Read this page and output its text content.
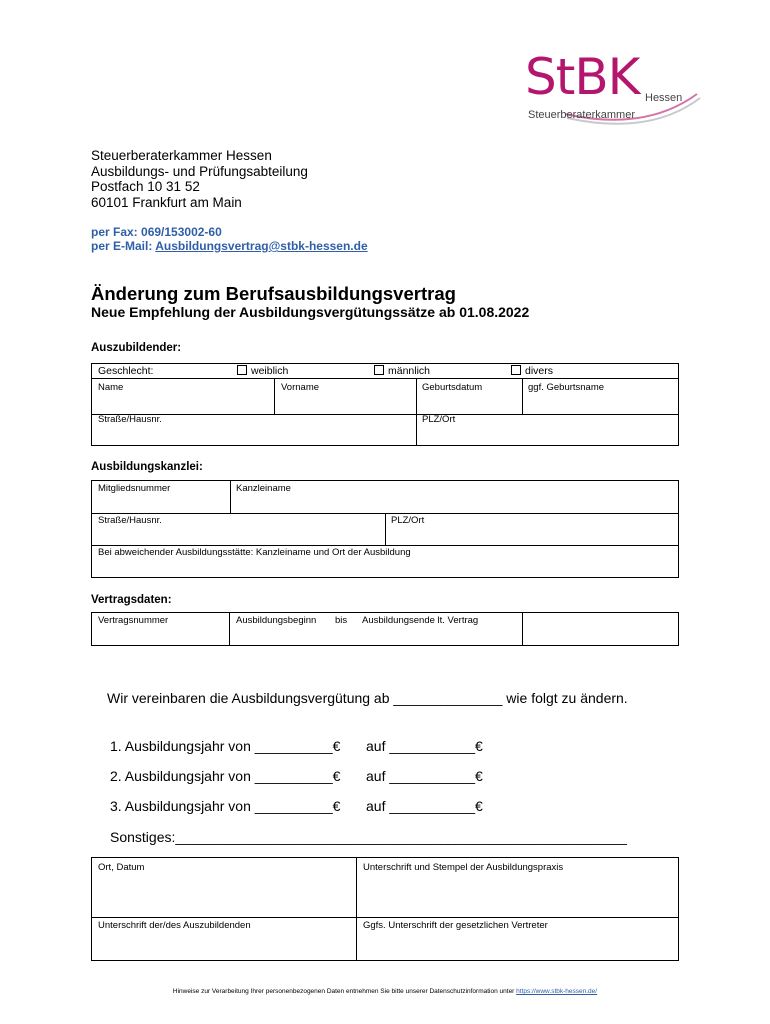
StBK Hessen
Steuerberaterkammer
Steuerberaterkammer Hessen
Ausbildungs- und Prüfungsabteilung
Postfach 10 31 52
60101 Frankfurt am Main
per Fax: 069/153002-60
per E-Mail: Ausbildungsvertrag@stbk-hessen.de
Änderung zum Berufsausbildungsvertrag
Neue Empfehlung der Ausbildungsvergütungssätze ab 01.08.2022
Auszubildender:
Geschlecht:	weiblich	männlich	divers
Name	Vorname	Geburtsdatum	ggf. Geburtsname
Straße/Hausnr.	PLZ/Ort
Ausbildungskanzlei:
Mitgliedsnummer	Kanzleiname
Straße/Hausnr.	PLZ/Ort
Bei abweichender Ausbildungsstätte: Kanzleiname und Ort der Ausbildung
Vertragsdaten:
Vertragsnummer	Ausbildungsbeginn bis Ausbildungsende lt. Vertrag
Wir vereinbaren die Ausbildungsvergütung ab ______________ wie folgt zu ändern.
1. Ausbildungsjahr von __________€ auf ___________€
2. Ausbildungsjahr von __________€ auf ___________€
3. Ausbildungsjahr von __________€ auf ___________€
Sonstiges:__________________________________________________________
Ort, Datum	Unterschrift und Stempel der Ausbildungspraxis
Unterschrift der/des Auszubildenden	Ggfs. Unterschrift der gesetzlichen Vertreter
Hinweise zur Verarbeitung Ihrer personenbezogenen Daten entnehmen Sie bitte unserer Datenschutzinformation unter https://www.stbk-hessen.de/
